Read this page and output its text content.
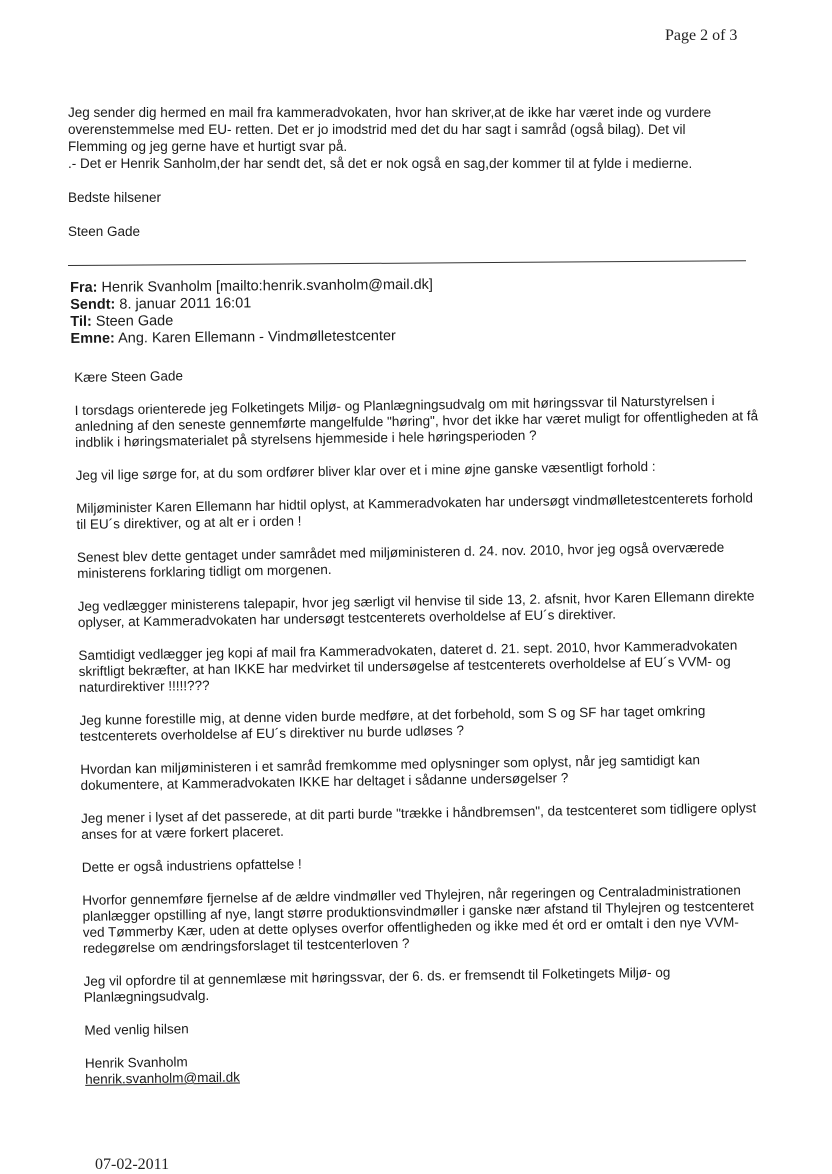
Page 2 of 3

Jeg sender dig hermed en mail fra kammeradvokaten, hvor han skriver,at de ikke har været inde og vurdere

overenstemmelse med EU- retten. Det er jo imodstrid med det du har sagt i samråd (også bilag). Det vil

Flemming og jeg gerne have et hurtigt svar på.

.- Det er Henrik Sanholm,der har sendt det, så det er nok også en sag,der kommer til at fylde i medierne.

Bedste hilsener

Steen Gade

Fra: Henrik Svanholm [mailto:henrik.svanholm@mail.dk]
Sendt: 8. januar 2011 16:01
Til: Steen Gade
Emne: Ang. Karen Ellemann - Vindmølletestcenter

Kære Steen Gade

I torsdags orienterede jeg Folketingets Miljø- og Planlægningsudvalg om mit høringssvar til Naturstyrelsen i anledning af den seneste gennemførte mangelfulde "høring", hvor det ikke har været muligt for offentligheden at få indblik i høringsmaterialet på styrelsens hjemmeside i hele høringsperioden ?

Jeg vil lige sørge for, at du som ordfører bliver klar over et i mine øjne ganske væsentligt forhold :

Miljøminister Karen Ellemann har hidtil oplyst, at Kammeradvokaten har undersøgt vindmølletestcenterets forhold til EU´s direktiver, og at alt er i orden !

Senest blev dette gentaget under samrådet med miljøministeren d. 24. nov. 2010, hvor jeg også overværede ministerens forklaring tidligt om morgenen.

Jeg vedlægger ministerens talepapir, hvor jeg særligt vil henvise til side 13, 2. afsnit, hvor Karen Ellemann direkte oplyser, at Kammeradvokaten har undersøgt testcenterets overholdelse af EU´s direktiver.

Samtidigt vedlægger jeg kopi af mail fra Kammeradvokaten, dateret d. 21. sept. 2010, hvor Kammeradvokaten skriftligt bekræfter, at han IKKE har medvirket til undersøgelse af testcenterets overholdelse af EU´s VVM- og naturdirektiver !!!!!???

Jeg kunne forestille mig, at denne viden burde medføre, at det forbehold, som S og SF har taget omkring testcenterets overholdelse af EU´s direktiver nu burde udløses ?

Hvordan kan miljøministeren i et samråd fremkomme med oplysninger som oplyst, når jeg samtidigt kan dokumentere, at Kammeradvokaten IKKE har deltaget i sådanne undersøgelser ?

Jeg mener i lyset af det passerede, at dit parti burde "trække i håndbremsen", da testcenteret som tidligere oplyst anses for at være forkert placeret.

Dette er også industriens opfattelse !

Hvorfor gennemføre fjernelse af de ældre vindmøller ved Thylejren, når regeringen og Centraladministrationen planlægger opstilling af nye, langt større produktionsvindmøller i ganske nær afstand til Thylejren og testcenteret ved Tømmerby Kær, uden at dette oplyses overfor offentligheden og ikke med ét ord er omtalt i den nye VVM-redegørelse om ændringsforslaget til testcenterloven ?

Jeg vil opfordre til at gennemlæse mit høringssvar, der 6. ds. er fremsendt til Folketingets Miljø- og Planlægningsudvalg.

Med venlig hilsen

Henrik Svanholm

henrik.svanholm@mail.dk

07-02-2011
